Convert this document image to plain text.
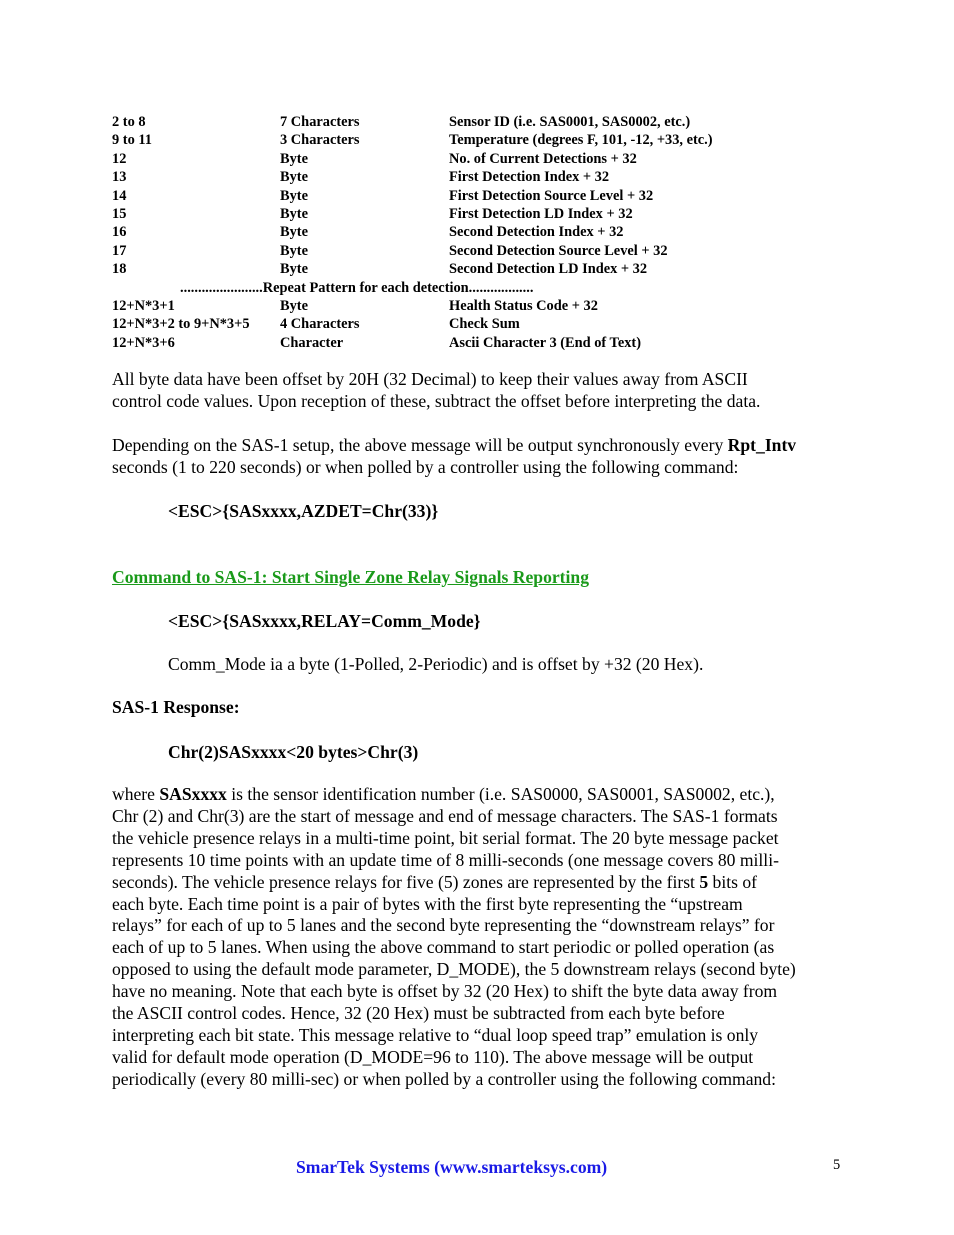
2 to 8	7 Characters	Sensor ID (i.e. SAS0001, SAS0002, etc.)
9 to 11	3 Characters	Temperature (degrees F, 101, -12, +33, etc.)
12	Byte	No. of Current Detections + 32
13	Byte	First Detection Index + 32
14	Byte	First Detection Source Level + 32
15	Byte	First Detection LD Index + 32
16	Byte	Second Detection Index + 32
17	Byte	Second Detection Source Level + 32
18	Byte	Second Detection LD Index + 32
.......................Repeat Pattern for each detection..................
12+N*3+1	Byte	Health Status Code + 32
12+N*3+2 to 9+N*3+5 4 Characters	Check Sum
12+N*3+6	Character	Ascii Character 3 (End of Text)
All byte data have been offset by 20H (32 Decimal) to keep their values away from ASCII
control code values. Upon reception of these, subtract the offset before interpreting the data.
Depending on the SAS-1 setup, the above message will be output synchronously every Rpt_Intv
seconds (1 to 220 seconds) or when polled by a controller using the following command:
<ESC>{SASxxxx,AZDET=Chr(33)}
Command to SAS-1: Start Single Zone Relay Signals Reporting
<ESC>{SASxxxx,RELAY=Comm_Mode}
Comm_Mode ia a byte (1-Polled, 2-Periodic) and is offset by +32 (20 Hex).
SAS-1 Response:
Chr(2)SASxxxx<20 bytes>Chr(3)
where SASxxxx is the sensor identification number (i.e. SAS0000, SAS0001, SAS0002, etc.),
Chr (2) and Chr(3) are the start of message and end of message characters. The SAS-1 formats
the vehicle presence relays in a multi-time point, bit serial format. The 20 byte message packet
represents 10 time points with an update time of 8 milli-seconds (one message covers 80 milli-
seconds). The vehicle presence relays for five (5) zones are represented by the first 5 bits of
each byte. Each time point is a pair of bytes with the first byte representing the “upstream
relays” for each of up to 5 lanes and the second byte representing the “downstream relays” for
each of up to 5 lanes. When using the above command to start periodic or polled operation (as
opposed to using the default mode parameter, D_MODE), the 5 downstream relays (second byte)
have no meaning. Note that each byte is offset by 32 (20 Hex) to shift the byte data away from
the ASCII control codes. Hence, 32 (20 Hex) must be subtracted from each byte before
interpreting each bit state. This message relative to “dual loop speed trap” emulation is only
valid for default mode operation (D_MODE=96 to 110). The above message will be output
periodically (every 80 milli-sec) or when polled by a controller using the following command:
SmarTek Systems (www.smarteksys.com)	5
